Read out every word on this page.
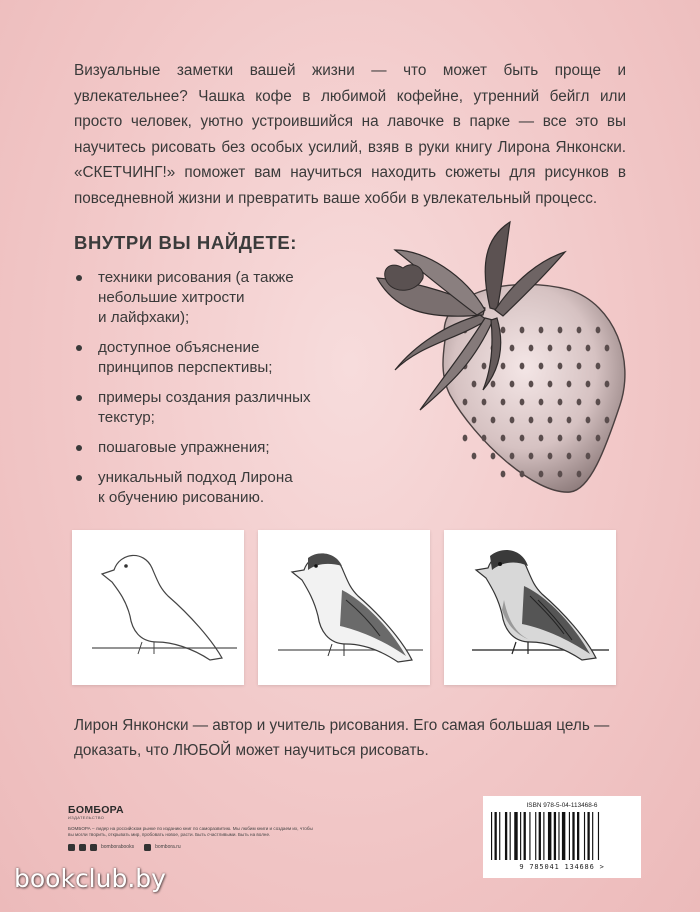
Визуальные заметки вашей жизни — что может быть проще и увлекательнее? Чашка кофе в любимой кофейне, утренний бейгл или просто человек, уютно устроившийся на лавочке в парке — все это вы научитесь рисовать без особых усилий, взяв в руки книгу Лирона Янконски. «СКЕТЧИНГ!» поможет вам научиться находить сюжеты для рисунков в повседневной жизни и превратить ваше хобби в увлекательный процесс.
ВНУТРИ ВЫ НАЙДЕТЕ:
техники рисования (а также
небольшие хитрости
и лайфхаки);
доступное объяснение
принципов перспективы;
примеры создания различных
текстур;
пошаговые упражнения;
уникальный подход Лирона
к обучению рисованию.
Лирон Янконски — автор и учитель рисования. Его самая большая цель — доказать, что ЛЮБОЙ может научиться рисовать.
БОМБОРА
ИЗДАТЕЛЬСТВО
БОМБОРА – лидер на российском рынке по изданию книг по саморазвитию. Мы любим книги и создаем их, чтобы вы могли творить, открывать мир, пробовать новое, расти. Быть счастливыми. Быть на волне.
bomborabooks	bombora.ru
ISBN 978-5-04-113468-6
9 785041 134686 >
bookclub.by
